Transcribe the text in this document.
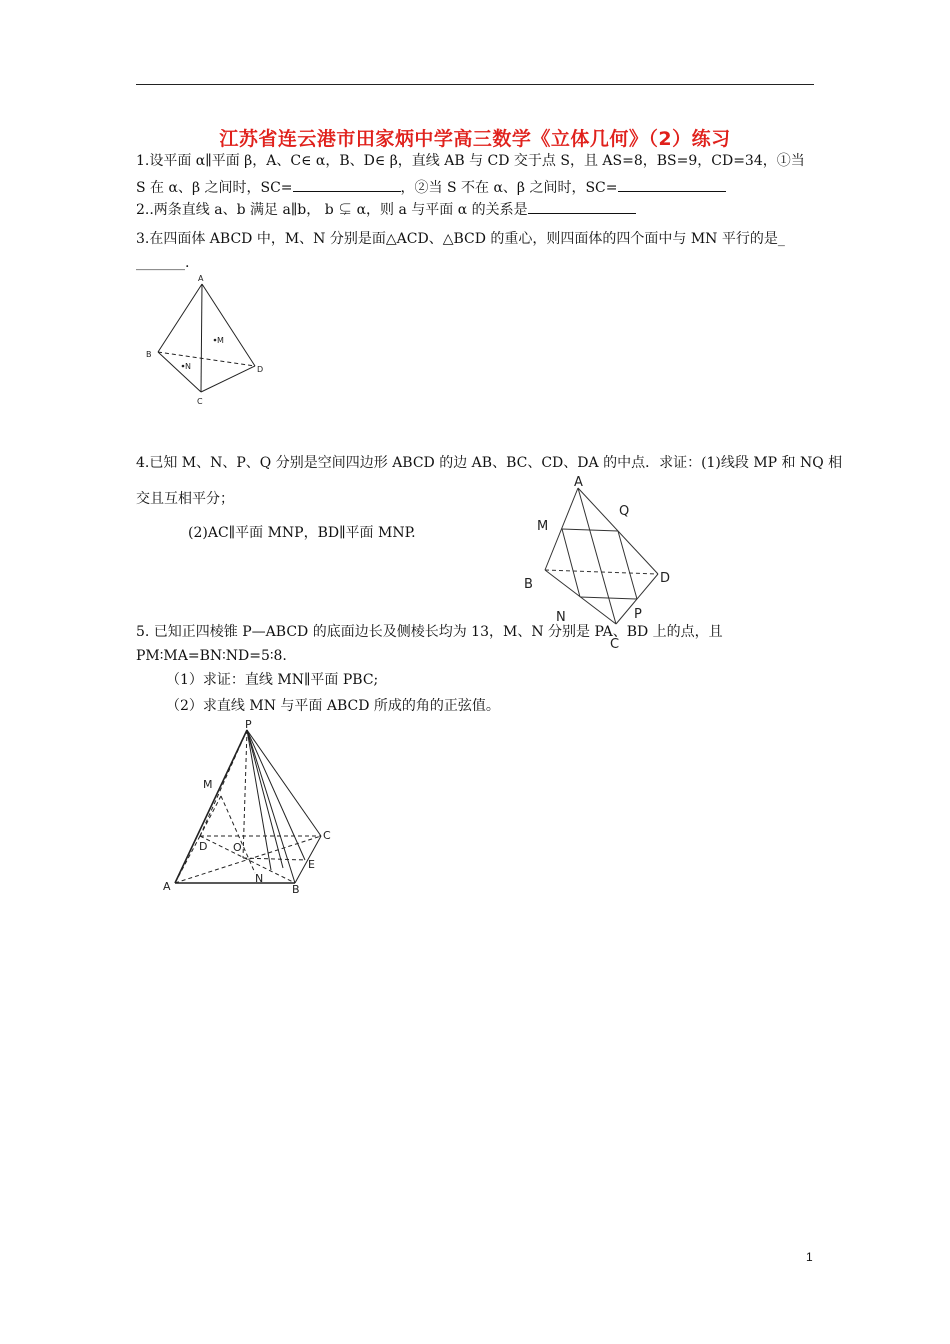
江苏省连云港市田家炳中学高三数学《立体几何》（2）练习
1.设平面 α∥平面 β，A、C∈ α，B、D∈ β，直线 AB 与 CD 交于点 S，且 AS=8，BS=9，CD=34，①当
S 在 α、β 之间时，SC=	，②当 S 不在 α、β 之间时，SC=
2..两条直线 a、b 满足 a∥b， b ⊊ α，则 a 与平面 α 的关系是
3.在四面体 ABCD 中，M、N 分别是面△ACD、△BCD 的重心，则四面体的四个面中与 MN 平行的是_
_______.
A
B
C
D
M
N
4.已知 M、N、P、Q 分别是空间四边形 ABCD 的边 AB、BC、CD、DA 的中点．求证：(1)线段 MP 和 NQ 相
交且互相平分；
(2)AC∥平面 MNP，BD∥平面 MNP.
A
M
Q
B	D
N	P
C
5. 已知正四棱锥 P—ABCD 的底面边长及侧棱长均为 13，M、N 分别是 PA、BD 上的点，且
PM∶MA=BN∶ND=5∶8.
（1）求证：直线 MN∥平面 PBC;
（2）求直线 MN 与平面 ABCD 所成的角的正弦值。
P
M
D O
C
E
A
N
B
1
